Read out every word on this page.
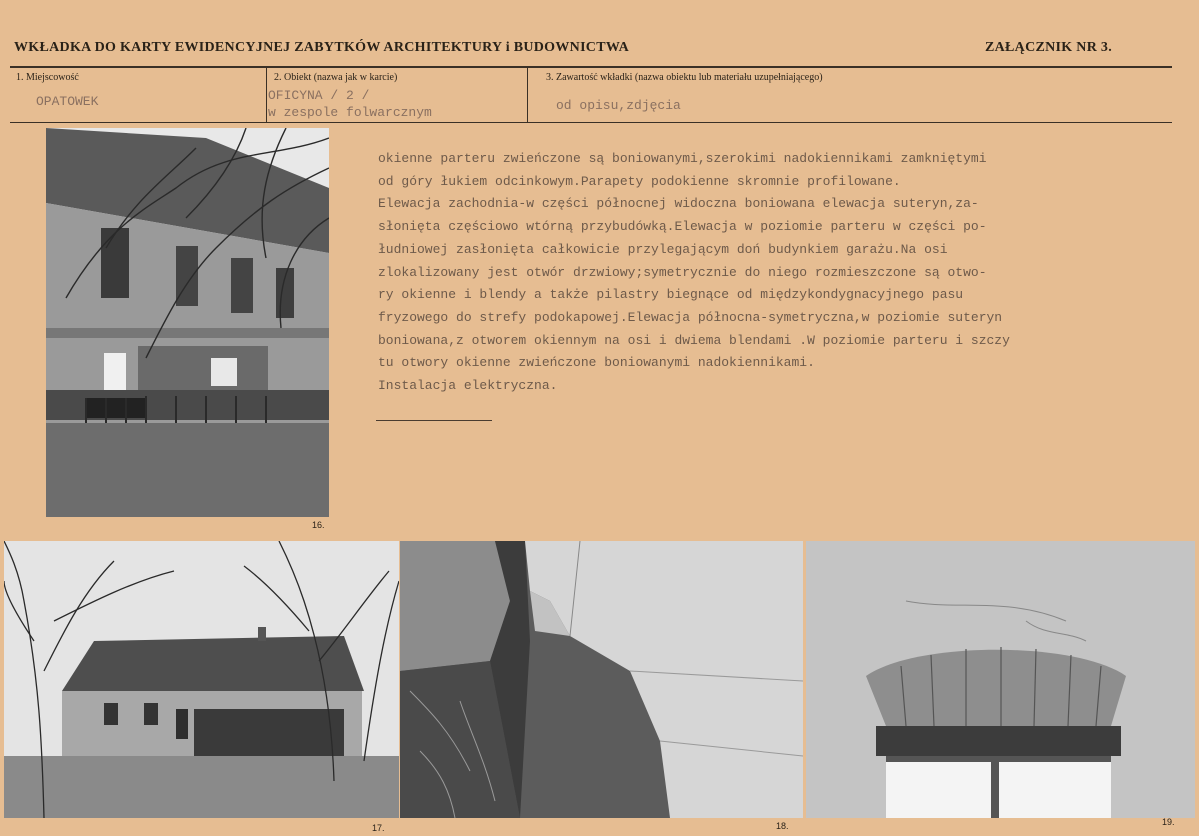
WKŁADKA DO KARTY EWIDENCYJNEJ ZABYTKÓW ARCHITEKTURY i BUDOWNICTWA	ZAŁĄCZNIK NR 3.
1. Miejscowość
OPATOWEK
2. Obiekt (nazwa jak w karcie)
OFICYNA / 2 /
w zespole folwarcznym
3. Zawartość wkładki (nazwa obiektu lub materiału uzupełniającego)
od opisu,zdjęcia
16.
okienne parteru zwieńczone są boniowanymi,szerokimi nadokiennikami zamkniętymi
od góry łukiem odcinkowym.Parapety podokienne skromnie profilowane.
Elewacja zachodnia-w części północnej widoczna boniowana elewacja suteryn,za-
słonięta częściowo wtórną przybudówką.Elewacja w poziomie parteru w części po-
łudniowej zasłonięta całkowicie przylegającym doń budynkiem garażu.Na osi
zlokalizowany jest otwór drzwiowy;symetrycznie do niego rozmieszczone są otwo-
ry okienne i blendy a także pilastry biegnące od międzykondygnacyjnego pasu
fryzowego do strefy podokapowej.Elewacja północna-symetryczna,w poziomie suteryn
boniowana,z otworem okiennym na osi i dwiema blendami .W poziomie parteru i szczy
tu otwory okienne zwieńczone boniowanymi nadokiennikami.
Instalacja elektryczna.
17.	18.	19.
